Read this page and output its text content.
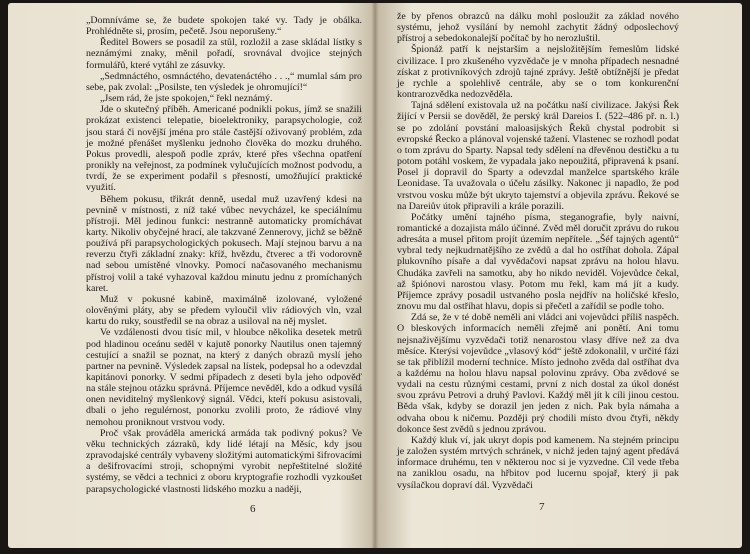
„Domníváme se, že budete spokojen také vy. Tady je obálka. Prohlédněte si, prosím, pečetě. Jsou neporušeny.“

Ředitel Bowers se posadil za stůl, rozložil a zase skládal lístky s neznámými znaky, měnil pořadí, srovnával dvojice stejných formulářů, které vytáhl ze zásuvky.

„Sedmnáctého, osmnáctého, devatenáctého . . .,“ mumlal sám pro sebe, pak zvolal: „Posilste, ten výsledek je ohromující!“

„Jsem rád, že jste spokojen,“ řekl neznámý.

Jde o skutečný příběh. Americané podnikli pokus, jímž se snažili prokázat existenci telepatie, bioelektroniky, parapsychologie, což jsou stará či novější jména pro stále častější oživovaný problém, zda je možné přenášet myšlenku jednoho člověka do mozku druhého. Pokus provedli, alespoň podle zpráv, které přes všechna opatření pronikly na veřejnost, za podmínek vylučujících možnost podvodu, a tvrdí, že se experiment podařil s přesností, umožňující praktické využití.

Během pokusu, třikrát denně, usedal muž uzavřený kdesi na pevnině v místnosti, z níž také vůbec nevycházel, ke speciálnímu přístroji. Měl jedinou funkci: nestranně automaticky promíchávat karty. Nikoliv obyčejné hrací, ale takzvané Zennerovy, jichž se běžně používá při parapsychologických pokusech. Mají stejnou barvu a na reverzu čtyři základní znaky: kříž, hvězdu, čtverec a tři vodorovně nad sebou umístěné vlnovky. Pomocí načasovaného mechanismu přístroj volil a také vyhazoval každou minutu jednu z promíchaných karet.

Muž v pokusné kabině, maximálně izolované, vyložené olověnými pláty, aby se předem vyloučil vliv rádiových vln, vzal kartu do ruky, soustředil se na obraz a usiloval na něj myslet.

Ve vzdálenosti dvou tisíc mil, v hloubce několika desetek metrů pod hladinou oceánu seděl v kajutě ponorky Nautilus onen tajemný cestující a snažil se poznat, na který z daných obrazů myslí jeho partner na pevnině. Výsledek zapsal na lístek, podepsal ho a odevzdal kapitánovi ponorky. V sedmi případech z deseti byla jeho odpověď na stále stejnou otázku správná. Příjemce nevěděl, kdo a odkud vysílá onen neviditelný myšlenkový signál. Vědci, kteří pokusu asistovali, dbali o jeho regulérnost, ponorku zvolili proto, že rádiové vlny nemohou proniknout vrstvou vody.

Proč však prováděla americká armáda tak podivný pokus? Ve věku technických zázraků, kdy lidé létají na Měsíc, kdy jsou zpravodajské centrály vybaveny složitými automatickými šifrovacími a dešifrovacími stroji, schopnými vyrobit nepřeštitelné složité systémy, se vědci a technici z oboru kryptografie rozhodli vyzkoušet parapsychologické vlastnosti lidského mozku a naději,

6

že by přenos obrazců na dálku mohl posloužit za základ nového systému, jehož vysílání by nemohl zachytit žádný odposlechový přístroj a sebedokonalejší počítač by ho nerozluštil.

Špionáž patří k nejstarším a nejsložitějším řemeslům lidské civilizace. I pro zkušeného vyzvědače je v mnoha případech nesnadné získat z protivníkových zdrojů tajné zprávy. Ještě obtížnější je předat je rychle a spolehlivě centrále, aby se o tom konkurenční kontrarozvědka nedozvěděla.

Tajná sdělení existovala už na počátku naší civilizace. Jakýsi Řek žijící v Persii se dověděl, že perský král Dareios I. (522–486 př. n. l.) se po zdolání povstání maloasijských Řeků chystal podrobit si evropské Řecko a plánoval vojenské tažení. Vlastenec se rozhodl podat o tom zprávu do Sparty. Napsal tedy sdělení na dřevěnou destičku a tu potom potáhl voskem, že vypadala jako nepoužitá, připravená k psaní. Posel ji dopravil do Sparty a odevzdal manželce spartského krále Leonidase. Ta uvažovala o účelu zásilky. Nakonec ji napadlo, že pod vrstvou vosku může být ukryto tajemství a objevila zprávu. Řekové se na Dareiův útok připravili a krále porazili.

Počátky umění tajného písma, steganografie, byly naivní, romantické a dozajista málo účinné. Zvěd měl doručit zprávu do rukou adresáta a musel přitom projít územím nepřítele. „Šéf tajných agentů“ vybral tedy nejkudrnatějšího ze zvědů a dal ho ostříhat dohola. Zápal plukovního písaře a dal vyvědačovi napsat zprávu na holou hlavu. Chudáka zavřeli na samotku, aby ho nikdo neviděl. Vojevůdce čekal, až špiónovi narostou vlasy. Potom mu řekl, kam má jít a kudy. Příjemce zprávy posadil ustvaného posla nejdřív na holičské křeslo, znovu mu dal ostříhat hlavu, dopis si přečetl a zařídil se podle toho.

Zdá se, že v té době neměli ani vládci ani vojevůdci příliš naspěch. O bleskových informacích neměli zřejmě ani ponětí. Ani tomu nejsnaživějšímu vyzvědači totiž nenarostou vlasy dříve než za dva měsíce. Kterýsi vojevůdce „vlasový kód“ ještě zdokonalil, v určité fázi se tak přiblížil moderní technice. Místo jednoho zvěda dal ostříhat dva a každému na holou hlavu napsal polovinu zprávy. Oba zvědové se vydali na cestu různými cestami, první z nich dostal za úkol donést svou zprávu Petrovi a druhý Pavlovi. Každý měl jít k cíli jinou cestou. Běda však, kdyby se dorazil jen jeden z nich. Pak byla námaha a odvaha obou k ničemu. Později prý chodili místo dvou čtyři, někdy dokonce šest zvědů s jednou zprávou.

Každý kluk ví, jak ukryt dopis pod kamenem. Na stejném principu je založen systém mrtvých schránek, v nichž jeden tajný agent předává informace druhému, ten v některou noc si je vyzvedne. Cíl vede třeba na zaniklou osadu, na hřbitov pod lucernu spojař, který ji pak vysílačkou dopraví dál. Vyzvědači

7
